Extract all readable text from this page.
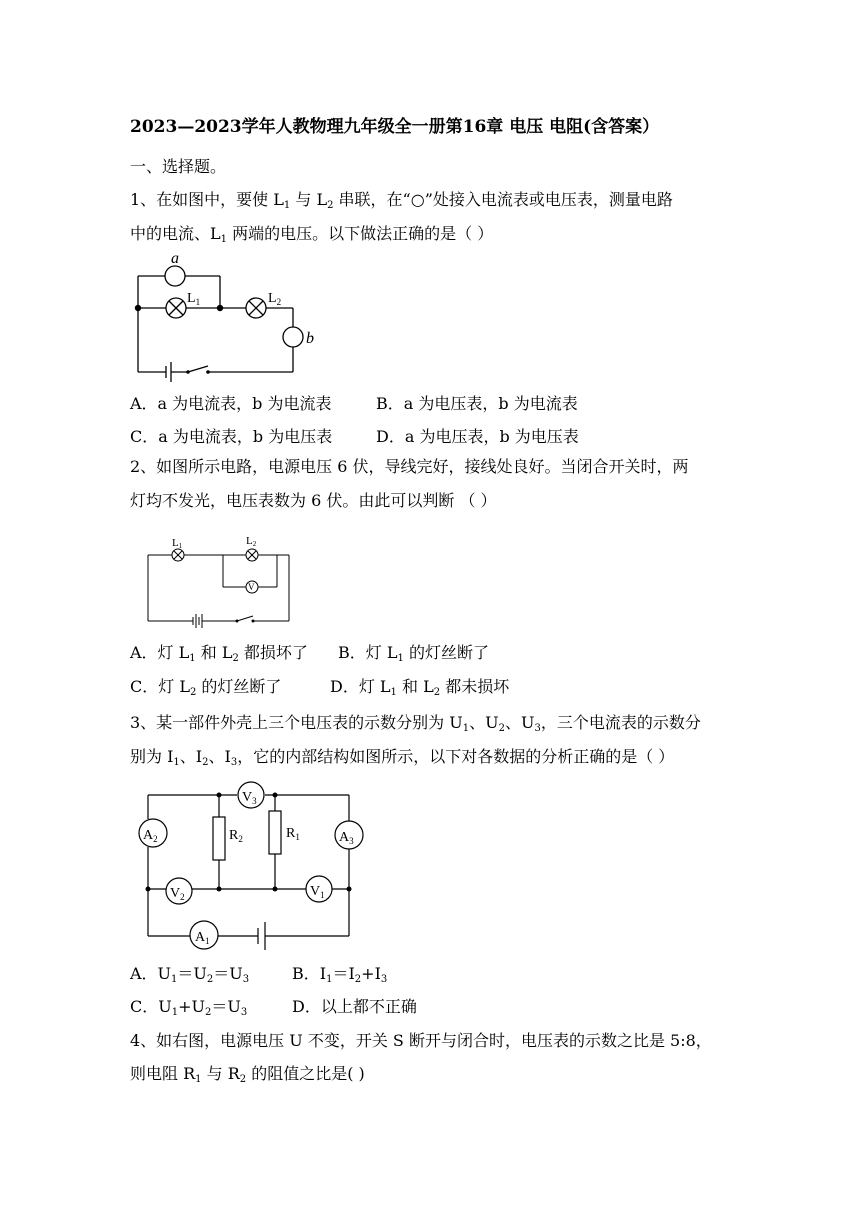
2023—2023学年人教物理九年级全一册第16章 电压 电阻(含答案）
一、选择题。
1、在如图中，要使 $L_1$ 与 $L_2$ 串联，在“○”处接入电流表或电压表，测量电路
中的电流、$L_1$ 两端的电压。以下做法正确的是（ ）
a
b
$L_1$	$L_2$
A．a 为电流表，b 为电流表	B．a 为电压表，b 为电流表
C．a 为电流表，b 为电压表	D．a 为电压表，b 为电压表
2、如图所示电路，电源电压 6 伏，导线完好，接线处良好。当闭合开关时，两
灯均不发光，电压表数为 6 伏。由此可以判断 （ ）
V
L1	L2
A．灯 $L_1$ 和 $L_2$ 都损坏了 B．灯 $L_1$ 的灯丝断了
C．灯 $L_2$ 的灯丝断了	D．灯 $L_1$ 和 $L_2$ 都未损坏
3、某一部件外壳上三个电压表的示数分别为 $U_1$、$U_2$、$U_3$，三个电流表的示数分
别为 $I_1$、$I_2$、$I_3$，它的内部结构如图所示，以下对各数据的分析正确的是（ ）
$V_3$
$A_2$	$A_3$
$R_2$	$R_1$
$V_2$	$V_1$
$A_1$
A．$U_1=U_2=U_3$	B．$I_1=I_2+I_3$
C．$U_1+U_2=U_3$	D．以上都不正确
4、如右图，电源电压 U 不变，开关 S 断开与闭合时，电压表的示数之比是 5:8，
则电阻 $R_1$ 与 $R_2$ 的阻值之比是( )
